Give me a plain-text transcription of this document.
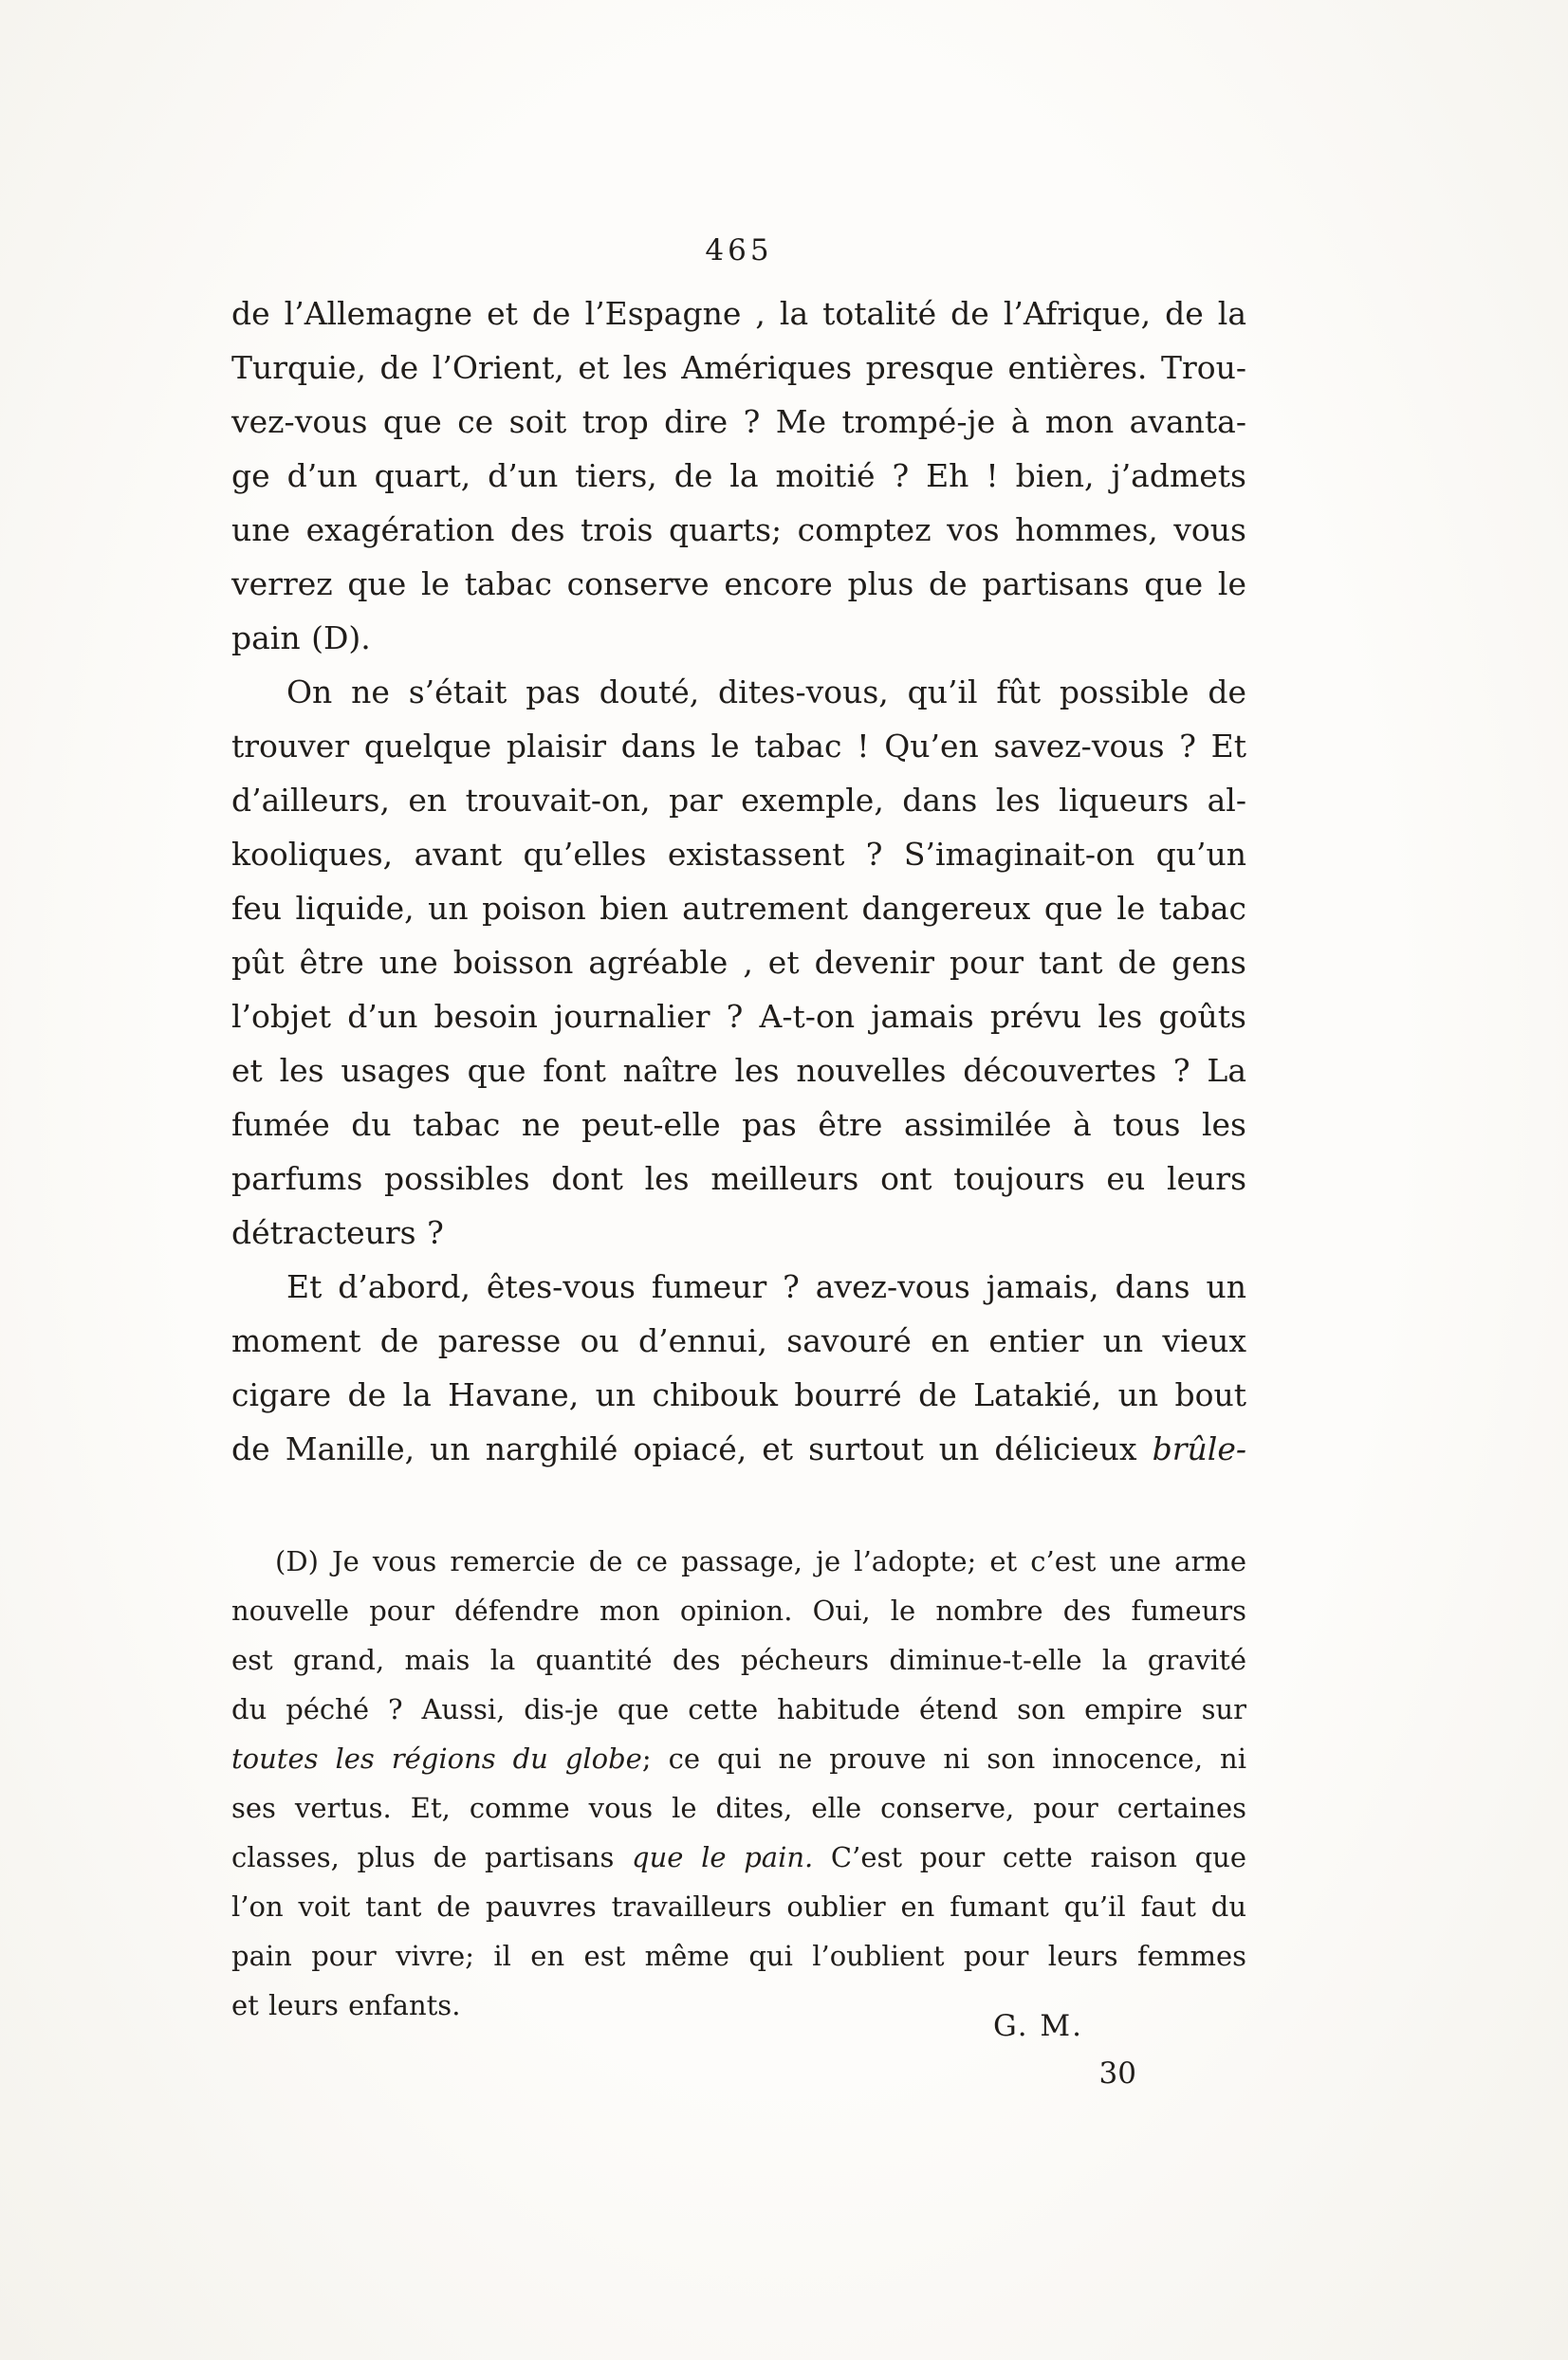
465
de l’Allemagne et de l’Espagne , la totalité de l’Afrique, de la
Turquie, de l’Orient, et les Amériques presque entières. Trou-
vez-vous que ce soit trop dire ? Me trompé-je à mon avanta-
ge d’un quart, d’un tiers, de la moitié ? Eh ! bien, j’admets
une exagération des trois quarts; comptez vos hommes, vous
verrez que le tabac conserve encore plus de partisans que le
pain (D).
On ne s’était pas douté, dites-vous, qu’il fût possible de
trouver quelque plaisir dans le tabac ! Qu’en savez-vous ? Et
d’ailleurs, en trouvait-on, par exemple, dans les liqueurs al-
kooliques, avant qu’elles existassent ? S’imaginait-on qu’un
feu liquide, un poison bien autrement dangereux que le tabac
pût être une boisson agréable , et devenir pour tant de gens
l’objet d’un besoin journalier ? A-t-on jamais prévu les goûts
et les usages que font naître les nouvelles découvertes ? La
fumée du tabac ne peut-elle pas être assimilée à tous les
parfums possibles dont les meilleurs ont toujours eu leurs
détracteurs ?
Et d’abord, êtes-vous fumeur ? avez-vous jamais, dans un
moment de paresse ou d’ennui, savouré en entier un vieux
cigare de la Havane, un chibouk bourré de Latakié, un bout
de Manille, un narghilé opiacé, et surtout un délicieux brûle-
(D) Je vous remercie de ce passage, je l’adopte; et c’est une arme
nouvelle pour défendre mon opinion. Oui, le nombre des fumeurs
est grand, mais la quantité des pécheurs diminue-t-elle la gravité
du péché ? Aussi, dis-je que cette habitude étend son empire sur
toutes les régions du globe; ce qui ne prouve ni son innocence, ni
ses vertus. Et, comme vous le dites, elle conserve, pour certaines
classes, plus de partisans que le pain. C’est pour cette raison que
l’on voit tant de pauvres travailleurs oublier en fumant qu’il faut du
pain pour vivre; il en est même qui l’oublient pour leurs femmes
et leurs enfants.
G. M.
30
